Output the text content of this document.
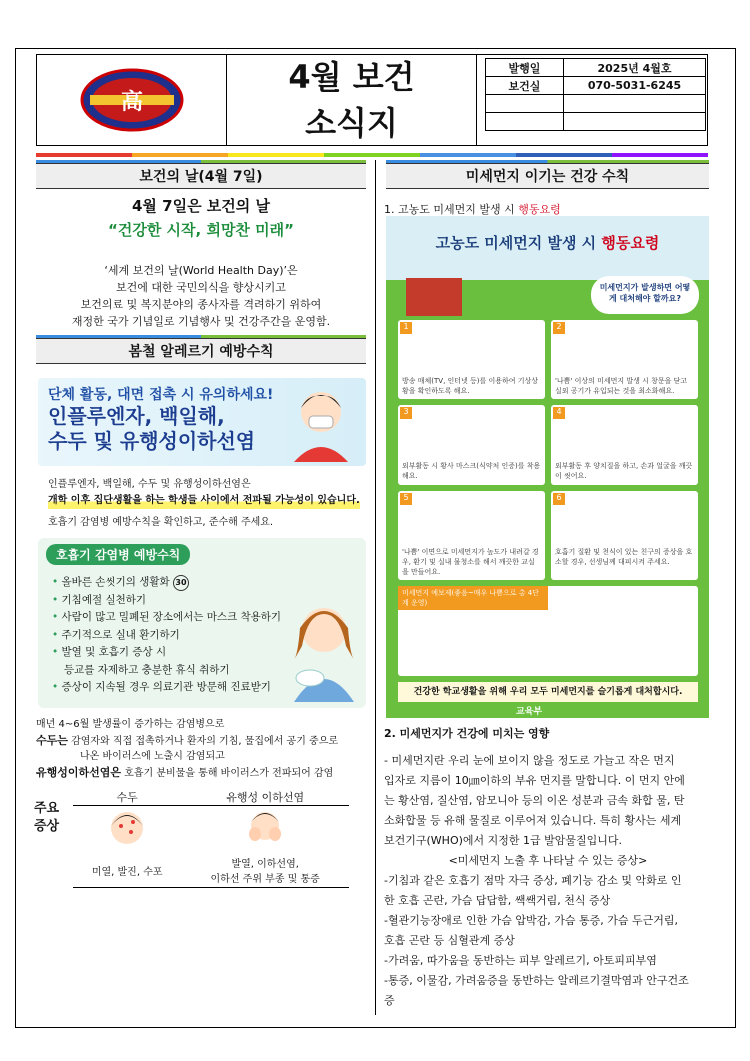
高
4월 보건
소식지
발행일	2025년 4월호
보건실	070-5031-6245

보건의 날(4월 7일)
4월 7일은 보건의 날
“건강한 시작, 희망찬 미래”
‘세계 보건의 날(World Health Day)’은
보건에 대한 국민의식을 향상시키고
보건의료 및 복지분야의 종사자를 격려하기 위하여
재정한 국가 기념일로 기념행사 및 건강주간을 운영함.
봄철 알레르기 예방수칙
단체 활동, 대면 접촉 시 유의하세요!
인플루엔자, 백일해,
수두 및 유행성이하선염
인플루엔자, 백일해, 수두 및 유행성이하선염은
개학 이후 집단생활을 하는 학생들 사이에서 전파될 가능성이 있습니다.
호흡기 감염병 예방수칙을 확인하고, 준수해 주세요.
호흡기 감염병 예방수칙
• 올바른 손씻기의 생활화 30
• 기침예절 실천하기
• 사람이 많고 밀폐된 장소에서는 마스크 착용하기
• 주기적으로 실내 환기하기
• 발열 및 호흡기 증상 시
등교를 자제하고 충분한 휴식 취하기
• 증상이 지속될 경우 의료기관 방문해 진료받기
매년 4~6월 발생률이 증가하는 감염병으로
수두는 감염자와 직접 접촉하거나 환자의 기침, 물집에서 공기 중으로
나온 바이러스에 노출시 감염되고
유행성이하선염은 호흡기 분비물을 통해 바이러스가 전파되어 감염
주요
증상
수두	유행성 이하선염

미열, 발진, 수포	발열, 이하선염,
이하선 주위 부종 및 통증
미세먼지 이기는 건강 수칙
1. 고농도 미세먼지 발생 시 행동요령
고농도 미세먼지 발생 시 행동요령
미세먼지가 발생하면 어떻게 대처해야 할까요?
1
방송 매체(TV, 인터넷 등)를 이용하여 기상상황을 확인하도록 해요.
2
'나쁨' 이상의 미세먼지 발생 시 창문을 닫고 실외 공기가 유입되는 것을 최소화해요.
3
외부활동 시 황사 마스크(식약처 인증)를 착용해요.
4
외부활동 후 양치질을 하고, 손과 얼굴을 깨끗이 씻어요.
5
'나쁨' 이면으로 미세먼지가 높도가 내려갈 경우, 환기 및 실내 물청소를 해서 깨끗한 교실을 만들어요.
6
호흡기 질환 및 천식이 있는 친구의 증상을 호소할 경우, 선생님께 대피시켜 주세요.
미세먼지 예보제(좋음~매우 나쁨으로 총 4단계 운영)
건강한 학교생활을 위해 우리 모두 미세먼지를 슬기롭게 대처합시다.
교육부
2. 미세먼지가 건강에 미치는 영향
- 미세먼지란 우리 눈에 보이지 않을 정도로 가늘고 작은 먼지
입자로 지름이 10㎛이하의 부유 먼지를 말합니다. 이 먼지 안에
는 황산염, 질산염, 암모니아 등의 이온 성분과 금속 화합 물, 탄
소화합물 등 유해 물질로 이루어져 있습니다. 특히 황사는 세계
보건기구(WHO)에서 지정한 1급 발암물질입니다.
<미세먼지 노출 후 나타날 수 있는 증상>
-기침과 같은 호흡기 점막 자극 증상, 폐기능 감소 및 악화로 인
한 호흡 곤란, 가슴 답답함, 쌕쌕거림, 천식 증상
-혈관기능장애로 인한 가슴 압박감, 가슴 통증, 가슴 두근거림,
호흡 곤란 등 심혈관계 증상
-가려움, 따가움을 동반하는 피부 알레르기, 아토피피부염
-통증, 이물감, 가려움증을 동반하는 알레르기결막염과 안구건조
증
